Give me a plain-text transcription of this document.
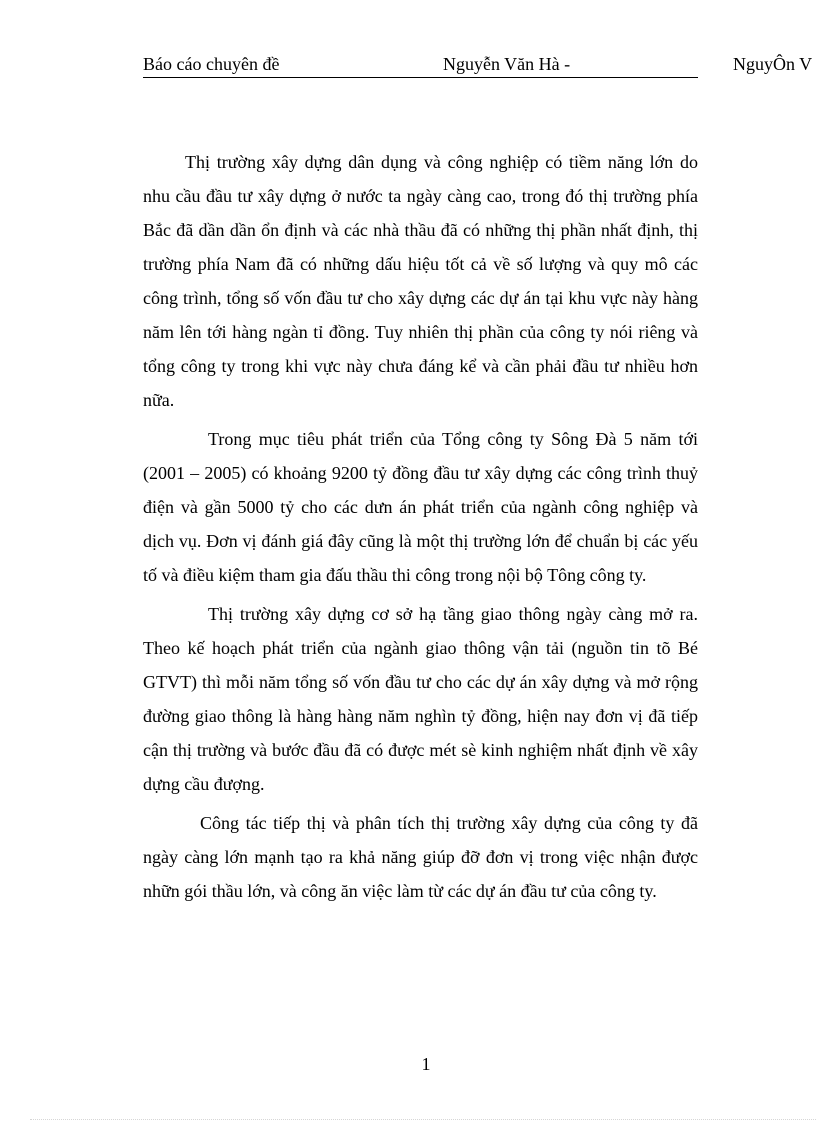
Báo cáo chuyên đề	Nguyễn Văn Hà -	NguyÔn V

Thị trường xây dựng dân dụng và công nghiệp có tiềm năng lớn do nhu cầu đầu tư xây dựng ở nước ta ngày càng cao, trong đó thị trường phía Bắc đã dần dần ổn định và các nhà thầu đã có những thị phần nhất định, thị trường phía Nam đã có những dấu hiệu tốt cả về số lượng và quy mô các công trình, tổng số vốn đầu tư cho xây dựng các dự án tại khu vực này hàng năm lên tới hàng ngàn tỉ đồng. Tuy nhiên thị phần của công ty nói riêng và tổng công ty trong khi vực này chưa đáng kể và cần phải đầu tư nhiều hơn nữa.

Trong mục tiêu phát triển của Tổng công ty Sông Đà 5 năm tới (2001 – 2005) có khoảng 9200 tỷ đồng đầu tư xây dựng các công trình thuỷ điện và gần 5000 tỷ cho các dưn án phát triển của ngành công nghiệp và dịch vụ. Đơn vị đánh giá đây cũng là một thị trường lớn để chuẩn bị các yếu tố và điều kiệm tham gia đấu thầu thi công trong nội bộ Tông công ty.

Thị trường xây dựng cơ sở hạ tầng giao thông ngày càng mở ra. Theo kế hoạch phát triển của ngành giao thông vận tải (nguồn tin tõ Bé GTVT) thì mỗi năm tổng số vốn đầu tư cho các dự án xây dựng và mở rộng đường giao thông là hàng hàng năm nghìn tỷ đồng, hiện nay đơn vị đã tiếp cận thị trường và bước đầu đã có được mét sè kinh nghiệm nhất định về xây dựng cầu đượng.

Công tác tiếp thị và phân tích thị trường xây dựng của công ty đã ngày càng lớn mạnh tạo ra khả năng giúp đỡ đơn vị trong việc nhận được nhữn gói thầu lớn, và công ăn việc làm từ các dự án đầu tư của công ty.

1
